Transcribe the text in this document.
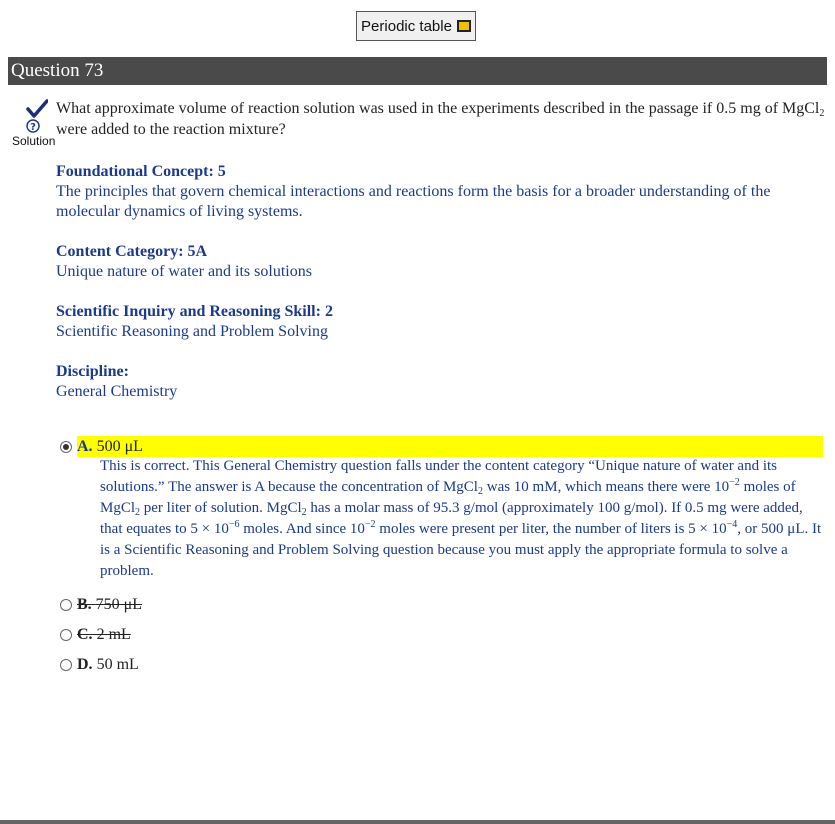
Periodic table
Question 73
?
Solution
What approximate volume of reaction solution was used in the experiments described in the passage if 0.5 mg of MgCl$_2$ were added to the reaction mixture?
Foundational Concept: 5
The principles that govern chemical interactions and reactions form the basis for a broader understanding of the molecular dynamics of living systems.
Content Category: 5A
Unique nature of water and its solutions
Scientific Inquiry and Reasoning Skill: 2
Scientific Reasoning and Problem Solving
Discipline:
General Chemistry
A.
500 μL
This is correct. This General Chemistry question falls under the content category “Unique nature of water and its solutions.” The answer is A because the concentration of MgCl$_2$ was 10 mM, which means there were $10^{-2}$ moles of MgCl$_2$ per liter of solution. MgCl$_2$ has a molar mass of 95.3 g/mol (approximately 100 g/mol). If 0.5 mg were added, that equates to $5 \times 10^{-6}$ moles. And since $10^{-2}$ moles were present per liter, the number of liters is $5 \times 10^{-4}$, or 500 μL. It is a Scientific Reasoning and Problem Solving question because you must apply the appropriate formula to solve a problem.
B. 750 μL
C. 2 mL
D.
50 mL
